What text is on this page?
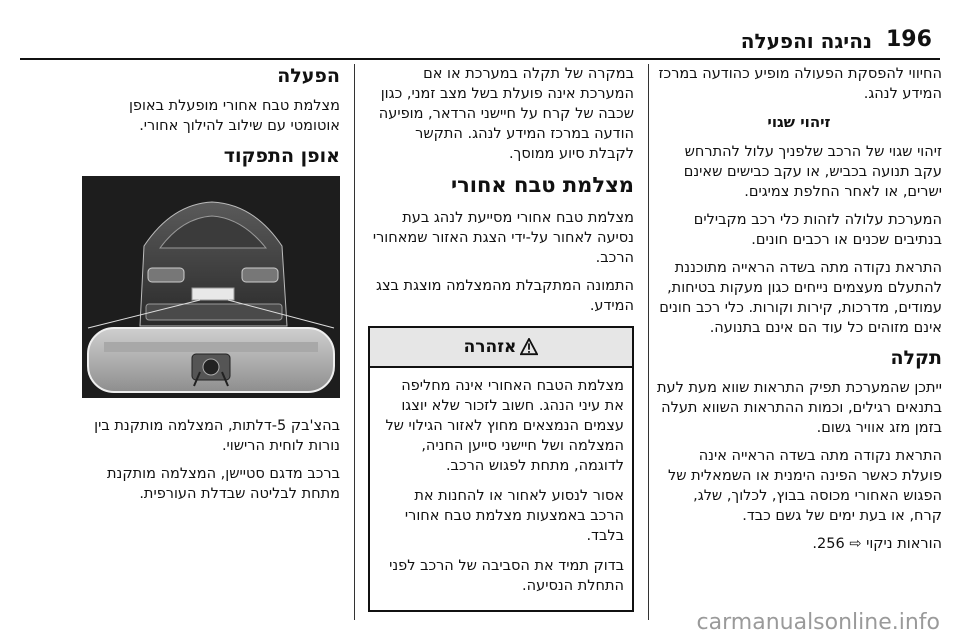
196
נהיגה והפעלה

החיווי להפסקת הפעולה מופיע כהודעה במרכז המידע לנהג.

זיהוי שגוי

זיהוי שגוי של הרכב שלפניך עלול להתרחש עקב תנועה בכביש, או עקב כבישים שאינם ישרים, או לאחר החלפת צמיגים.

המערכת עלולה לזהות כלי רכב מקבילים בנתיבים שכנים או רכבים חונים.

התראת נקודה מתה בשדה הראייה מתוכננת להתעלם מעצמים נייחים כגון מעקות בטיחות, עמודים, מדרכות, קירות וקורות. כלי רכב חונים אינם מזוהים כל עוד הם אינם בתנועה.

תקלה

ייתכן שהמערכת תפיק התראות שווא מעת לעת בתנאים רגילים, וכמות ההתראות השווא תעלה בזמן מזג אוויר גשום.

התראת נקודה מתה בשדה הראייה אינה פועלת כאשר הפינה הימנית או השמאלית של הפגוש האחורי מכוסה בבוץ, לכלוך, שלג, קרח, או בעת ימים של גשם כבד.

הוראות ניקוי ⇨ 256.

במקרה של תקלה במערכת או אם המערכת אינה פועלת בשל מצב זמני, כגון שכבה של קרח על חיישני הרדאר, מופיעה הודעה במרכז המידע לנהג. התקשר לקבלת סיוע ממוסך.

מצלמת טבח אחורי

מצלמת טבח אחורי מסייעת לנהג בעת נסיעה לאחור על-ידי הצגת האזור שמאחורי הרכב.

התמונה המתקבלת מהמצלמה מוצגת בצג המידע.

אזהרה

מצלמת הטבח האחורי אינה מחליפה את עיני הנהג. חשוב לזכור שלא יוצגו עצמים הנמצאים מחוץ לאזור הגילוי של המצלמה ושל חיישני סייען החניה, לדוגמה, מתחת לפגוש הרכב.

אסור לנסוע לאחור או להחנות את הרכב באמצעות מצלמת טבח אחורי בלבד.

בדוק תמיד את הסביבה של הרכב לפני התחלת הנסיעה.

הפעלה

מצלמת טבח אחורי מופעלת באופן אוטומטי עם שילוב להילוך אחורי.

אופן התפקוד

בהצ'בק 5-דלתות, המצלמה מותקנת בין נורות לוחית הרישוי.

ברכב מדגם סטיישן, המצלמה מותקנת מתחת לבליטה שבדלת העורפית.

carmanualsonline.info
